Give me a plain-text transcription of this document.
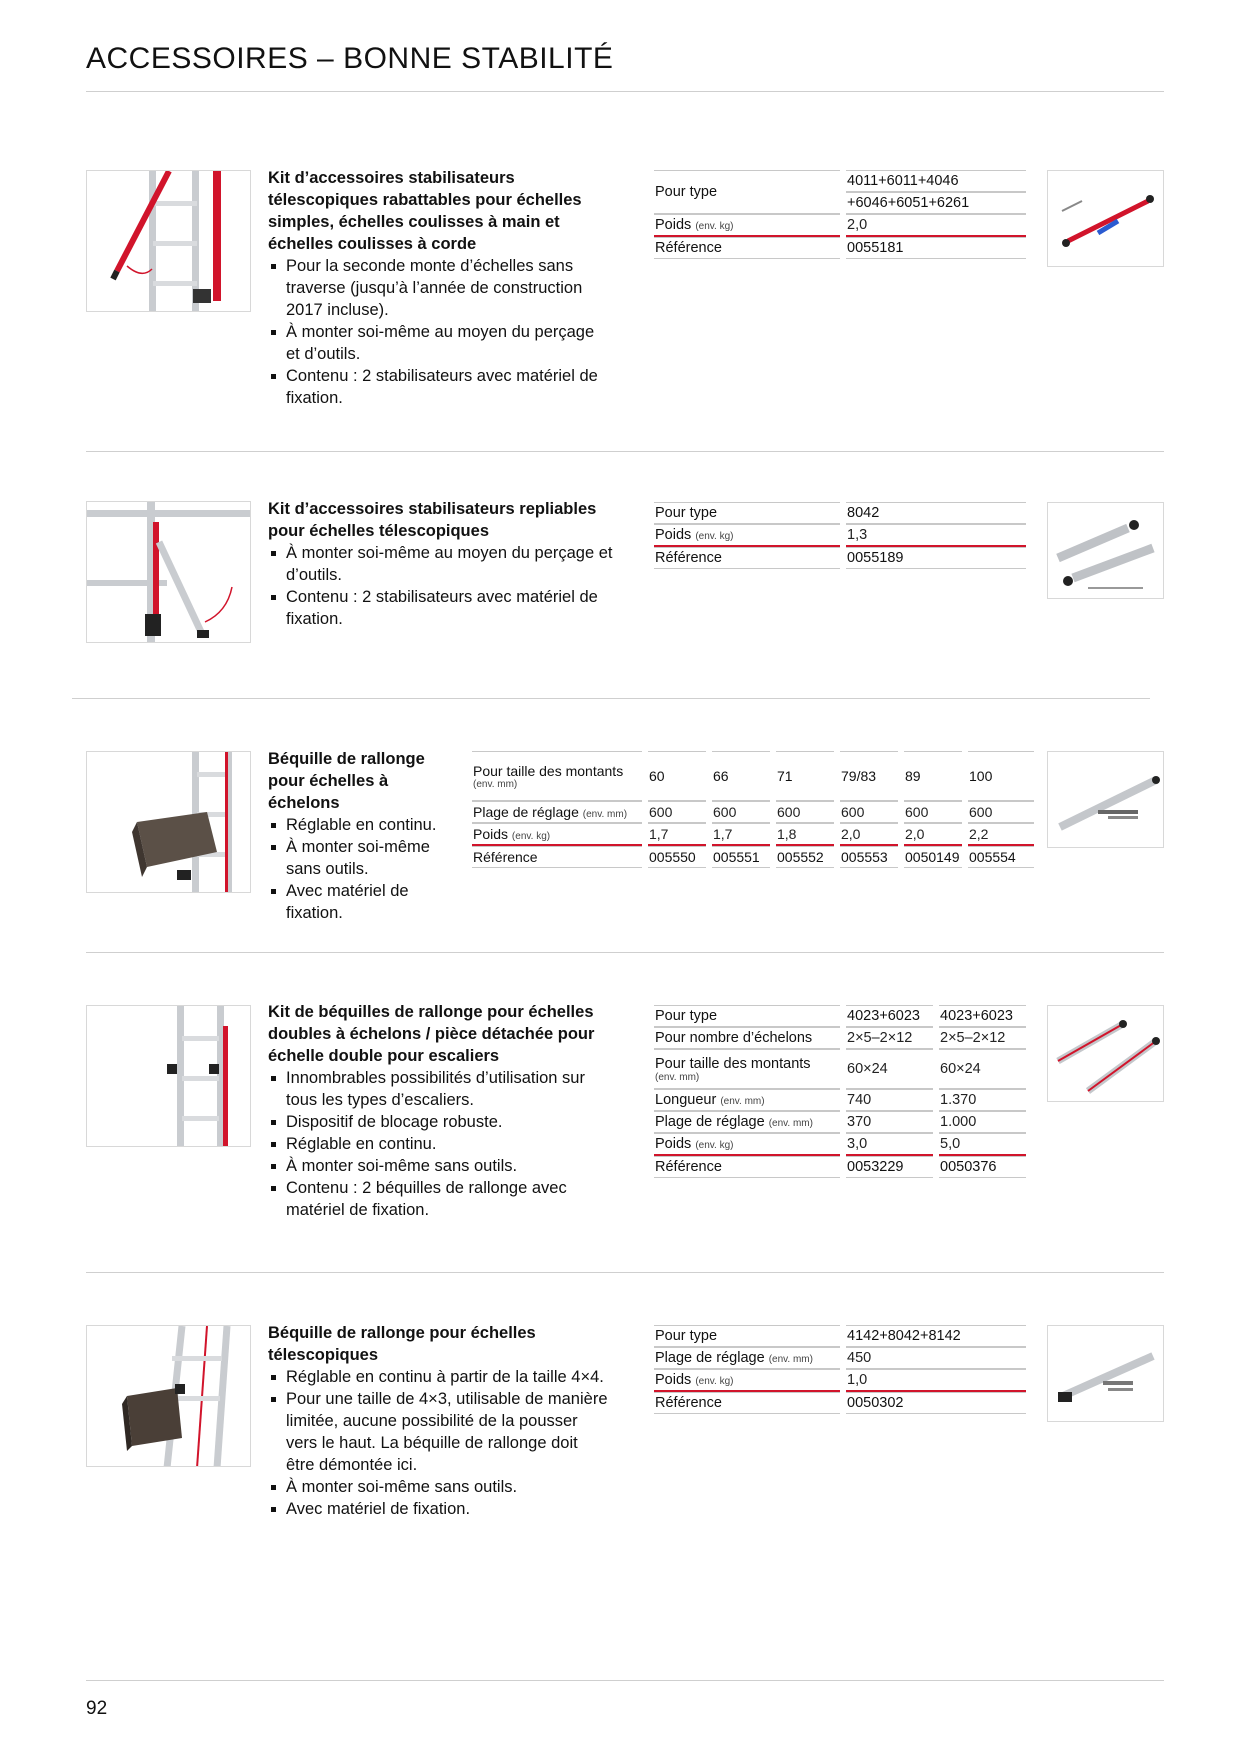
ACCESSOIRES – BONNE STABILITÉ
Kit d’accessoires stabilisateurs télescopiques rabattables pour échelles simples, échelles coulisses à main et échelles coulisses à corde
Pour la seconde monte d’échelles sans traverse (jusqu’à l’année de construction 2017 incluse).
À monter soi-même au moyen du perçage et d’outils.
Contenu : 2 stabilisateurs avec matériel de fixation.
Pour type		4011+6011+4046
		+6046+6051+6261
Poids (env. kg)		2,0
Référence		0055181
Kit d’accessoires stabilisateurs repliables pour échelles télescopiques
À monter soi-même au moyen du perçage et d’outils.
Contenu : 2 stabilisateurs avec matériel de fixation.
Pour type		8042
Poids (env. kg)		1,3
Référence		0055189
Béquille de rallonge pour échelles à échelons
Réglable en continu.
À monter soi-même sans outils.
Avec matériel de fixation.
Pour taille des montants
(env. mm)		60		66		71		79/83		89		100
Plage de réglage (env. mm)		600		600		600		600		600		600
Poids (env. kg)		1,7		1,7		1,8		2,0		2,0		2,2
Référence		005550		005551		005552		005553		0050149		005554
Kit de béquilles de rallonge pour échelles doubles à échelons / pièce détachée pour échelle double pour escaliers
Innombrables possibilités d’utilisation sur tous les types d’escaliers.
Dispositif de blocage robuste.
Réglable en continu.
À monter soi-même sans outils.
Contenu : 2 béquilles de rallonge avec matériel de fixation.
Pour type		4023+6023		4023+6023
Pour nombre d’échelons		2×5–2×12		2×5–2×12
Pour taille des montants
(env. mm)		60×24		60×24
Longueur (env. mm)		740		1.370
Plage de réglage (env. mm)		370		1.000
Poids (env. kg)		3,0		5,0
Référence		0053229		0050376
Béquille de rallonge pour échelles télescopiques
Réglable en continu à partir de la taille 4×4.
Pour une taille de 4×3, utilisable de manière limitée, aucune possibilité de la pousser vers le haut. La béquille de rallonge doit être démontée ici.
À monter soi-même sans outils.
Avec matériel de fixation.
Pour type		4142+8042+8142
Plage de réglage (env. mm)		450
Poids (env. kg)		1,0
Référence		0050302
92
